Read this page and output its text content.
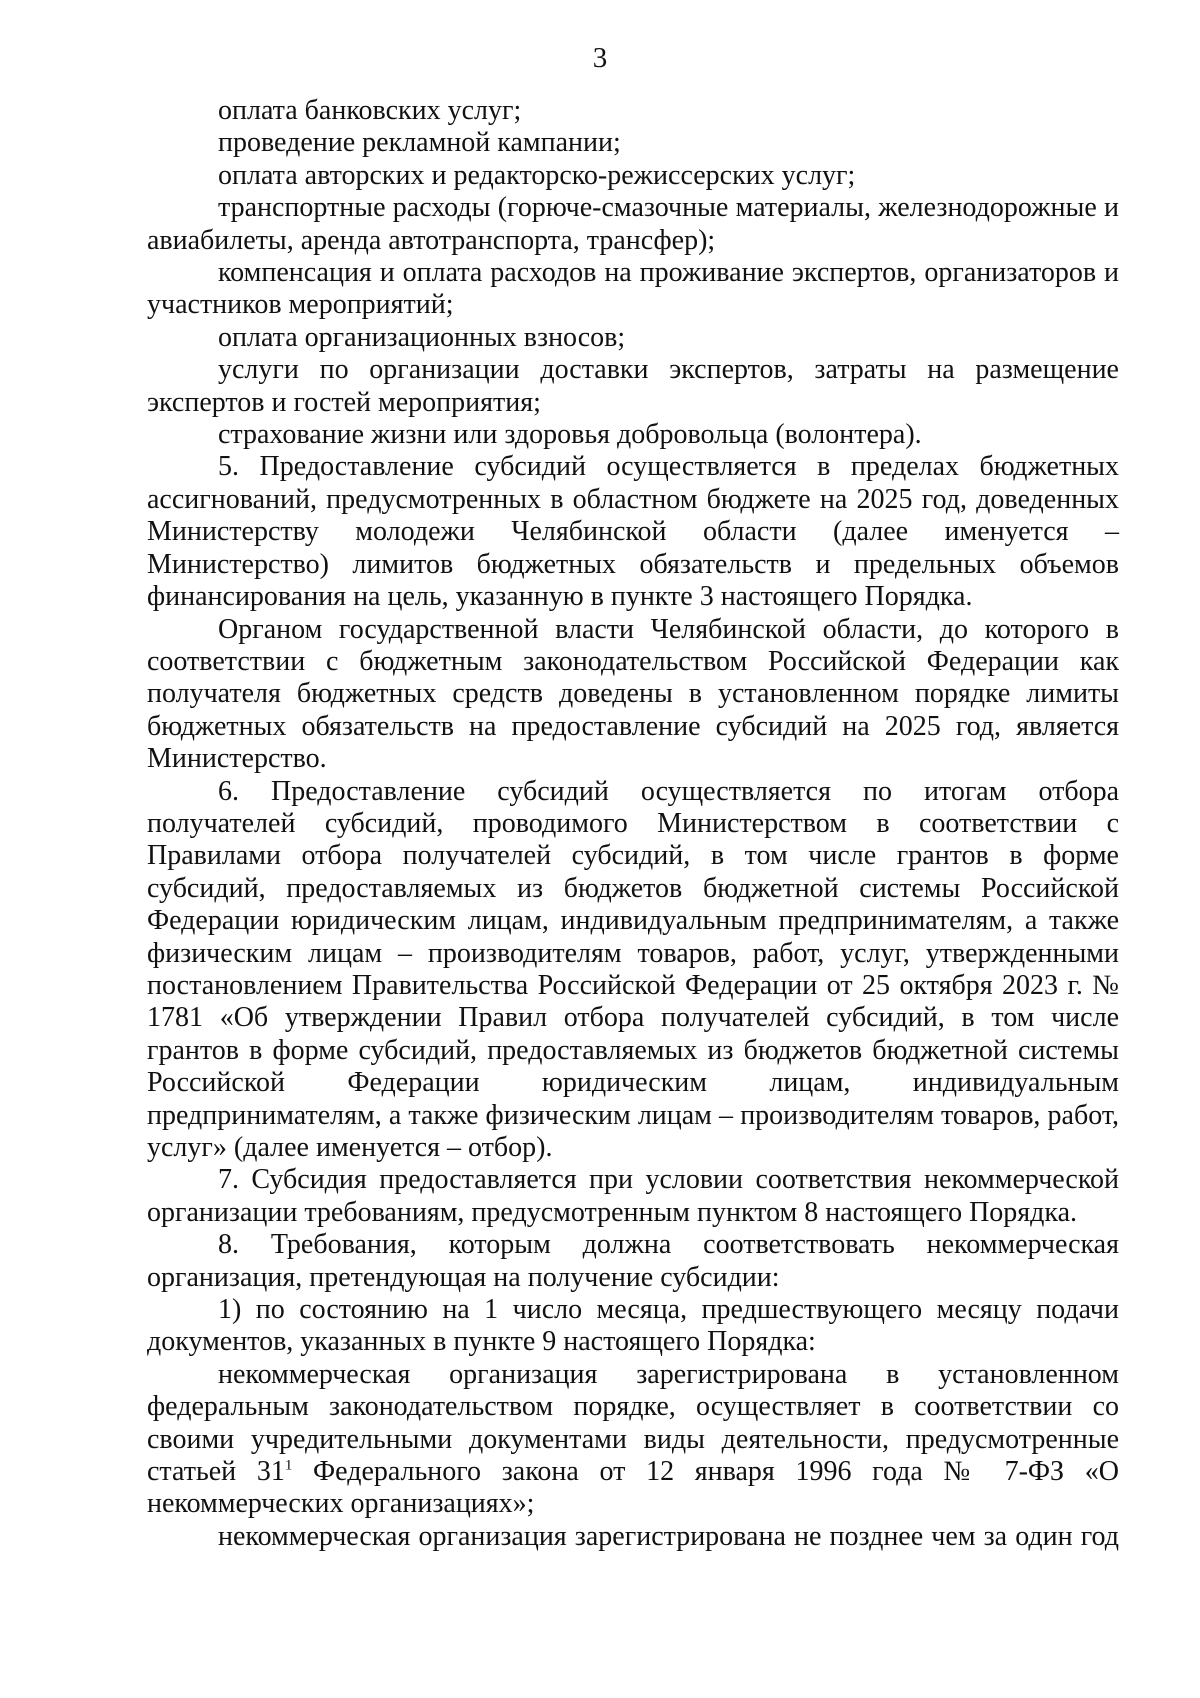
3

оплата банковских услуг;

проведение рекламной кампании;

оплата авторских и редакторско-режиссерских услуг;

транспортные расходы (горюче-смазочные материалы, железнодорожные и авиабилеты, аренда автотранспорта, трансфер);

компенсация и оплата расходов на проживание экспертов, организаторов и участников мероприятий;

оплата организационных взносов;

услуги по организации доставки экспертов, затраты на размещение экспертов и гостей мероприятия;

страхование жизни или здоровья добровольца (волонтера).

5. Предоставление субсидий осуществляется в пределах бюджетных ассигнований, предусмотренных в областном бюджете на 2025 год, доведенных Министерству молодежи Челябинской области (далее именуется – Министерство) лимитов бюджетных обязательств и предельных объемов финансирования на цель, указанную в пункте 3 настоящего Порядка.

Органом государственной власти Челябинской области, до которого в соответствии с бюджетным законодательством Российской Федерации как получателя бюджетных средств доведены в установленном порядке лимиты бюджетных обязательств на предоставление субсидий на 2025 год, является Министерство.

6. Предоставление субсидий осуществляется по итогам отбора получателей субсидий, проводимого Министерством в соответствии с Правилами отбора получателей субсидий, в том числе грантов в форме субсидий, предоставляемых из бюджетов бюджетной системы Российской Федерации юридическим лицам, индивидуальным предпринимателям, а также физическим лицам – производителям товаров, работ, услуг, утвержденными постановлением Правительства Российской Федерации от 25 октября 2023 г. № 1781 «Об утверждении Правил отбора получателей субсидий, в том числе грантов в форме субсидий, предоставляемых из бюджетов бюджетной системы Российской Федерации юридическим лицам, индивидуальным предпринимателям, а также физическим лицам – производителям товаров, работ, услуг» (далее именуется – отбор).

7. Субсидия предоставляется при условии соответствия некоммерческой организации требованиям, предусмотренным пунктом 8 настоящего Порядка.

8. Требования, которым должна соответствовать некоммерческая организация, претендующая на получение субсидии:

1) по состоянию на 1 число месяца, предшествующего месяцу подачи документов, указанных в пункте 9 настоящего Порядка:

некоммерческая организация зарегистрирована в установленном федеральным законодательством порядке, осуществляет в соответствии со своими учредительными документами виды деятельности, предусмотренные статьей $31^1$ Федерального закона от 12 января 1996 года № 7-ФЗ «О некоммерческих организациях»;

некоммерческая организация зарегистрирована не позднее чем за один год
